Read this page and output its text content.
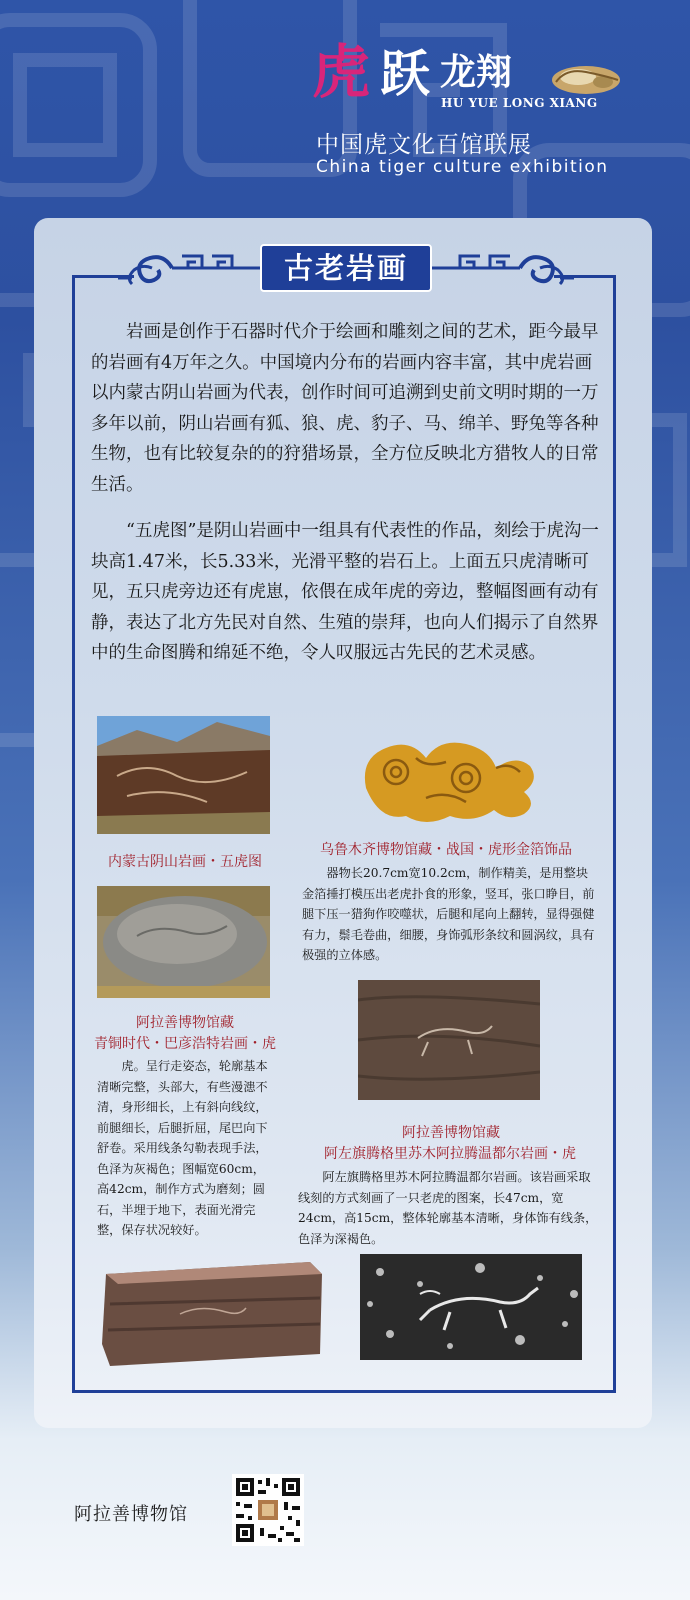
虎 跃 龙翔
HU YUE LONG XIANG
中国虎文化百馆联展
China tiger culture exhibition
古老岩画
岩画是创作于石器时代介于绘画和雕刻之间的艺术，距今最早的岩画有4万年之久。中国境内分布的岩画内容丰富，其中虎岩画以内蒙古阴山岩画为代表，创作时间可追溯到史前文明时期的一万多年以前，阴山岩画有狐、狼、虎、豹子、马、绵羊、野兔等各种生物，也有比较复杂的的狩猎场景，全方位反映北方猎牧人的日常生活。
“五虎图”是阴山岩画中一组具有代表性的作品，刻绘于虎沟一块高1.47米，长5.33米，光滑平整的岩石上。上面五只虎清晰可见，五只虎旁边还有虎崽，依偎在成年虎的旁边，整幅图画有动有静，表达了北方先民对自然、生殖的崇拜，也向人们揭示了自然界中的生命图腾和绵延不绝，令人叹服远古先民的艺术灵感。
内蒙古阴山岩画・五虎图
乌鲁木齐博物馆藏・战国・虎形金箔饰品
器物长20.7cm宽10.2cm，制作精美，是用整块金箔捶打模压出老虎扑食的形象，竖耳，张口睁目，前腿下压一猎狗作咬噬状，后腿和尾向上翻转，显得强健有力，鬃毛卷曲，细腰，身饰弧形条纹和圆涡纹，具有极强的立体感。
阿拉善博物馆藏
青铜时代・巴彦浩特岩画・虎
虎。呈行走姿态，轮廓基本清晰完整，头部大，有些漫漶不清，身形细长，上有斜向线纹，前腿细长，后腿折屈，尾巴向下舒卷。采用线条勾勒表现手法，色泽为灰褐色；图幅宽60cm，高42cm，制作方式为磨刻；圆石，半埋于地下，表面光滑完整，保存状况较好。
阿拉善博物馆藏
阿左旗腾格里苏木阿拉腾温都尔岩画・虎
阿左旗腾格里苏木阿拉腾温都尔岩画。该岩画采取线刻的方式刻画了一只老虎的图案，长47cm，宽24cm，高15cm，整体轮廓基本清晰，身体饰有线条，色泽为深褐色。
阿拉善博物馆
